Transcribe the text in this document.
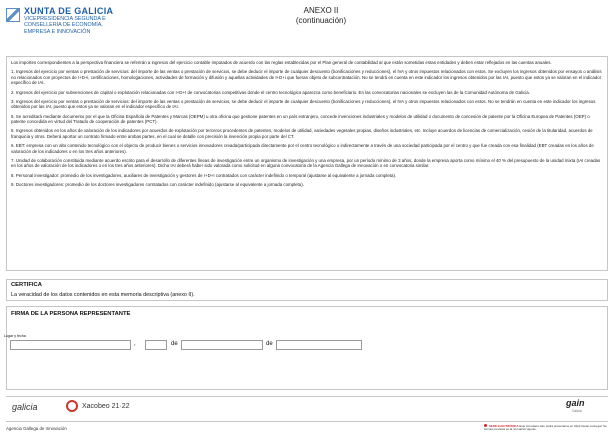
XUNTA DE GALICIA
VICEPRESIDENCIA SEGUNDA E
CONSELLERÍA DE ECONOMÍA,
EMPRESA E INNOVACIÓN
ANEXO II
(continuación)

Los importes correspondientes a la perspectiva financiera se referirán a ingresos del ejercicio contable imputados de acuerdo con las reglas establecidas por el Plan general de contabilidad al que están sometidas estas entidades y deben estar reflejados en las cuentas anuales.

1. Ingresos del ejercicio por ventas o prestación de servicios: del importe de las ventas o prestación de servicios, se debe deducir el importe de cualquier descuento (bonificaciones y reducciones), el IVA y otros impuestos relacionados con estos. Se excluyen los ingresos obtenidos por ensayos o análisis no relacionados con proyectos de I+D+i, certificaciones, homologaciones, actividades de formación y difusión y aquellas actividades de I+D+i que fueran objeto de subcontratación. No se tendrá en cuenta en este indicador los ingresos obtenidos por las IAI, puesto que estos ya se valoran en el indicador específico de IAI.

2. Ingresos del ejercicio por subvenciones de capital o explotación relacionadas con I+D+I de convocatorias competitivas donde el centro tecnológico aparezca como beneficiario. En las convocatorias nacionales se excluyen las de la Comunidad Autónoma de Galicia.

3. Ingresos del ejercicio por ventas o prestación de servicios: del importe de las ventas o prestación de servicios, se debe deducir el importe de cualquier descuento (bonificaciones y reducciones), el IVA y otros impuestos relacionados con estos. No se tendrán en cuenta en este indicador los ingresos obtenidos por las IAI, puesto que estos ya se valoran en el indicador específico de IAI.

5. Se acreditará mediante documento por el que la Oficina Española de Patentes y Marcas (OEPM) u otra oficina que gestione patentes en un país extranjero, concede invenciones industriales y modelos de utilidad o documento de concesión de patente por la Oficina Europea de Patentes (OEP) o patente concedida en virtud del Tratado de cooperación de patentes (PCT).

5. Ingresos obtenidos en los años de valoración de los indicadores por acuerdos de explotación por terceros procedentes de patentes, modelos de utilidad, variedades vegetales propias, diseños industriales, etc. Incluye acuerdos de licencias de comercialización, cesión de la titularidad, acuerdos de franquicia y otros. Deberá aportar un contrato firmado entre ambas partes, en el cual se detalle con precisión la invención propia por parte del CT.

6. EBT: empresa con un alto contenido tecnológico con el objecto de producir bienes o servicios innovadores creada/participada directamente por el centro tecnológico o indirectamente a través de una sociedad participada por el centro y que fue creada con esa finalidad (EBT creadas en los años de valoración de los indicadores o en los tres años anteriores).

7. Unidad de colaboración constituida mediante acuerdo escrito para el desarrollo de diferentes líneas de investigación entre un organismo de investigación y una empresa, por un período mínimo de 3 años, donde la empresa aporta como mínimo el 40 % del presupuesto de la unidad mixta (IAI creadas en los años de valoración de los indicadores o en los tres años anteriores). Dicha IAI deberá haber sido valorada como solicitud en alguna convocatoria de la Agencia Gallega de Innovación o en convocatoria similar.

8. Personal investigador: promedio de los investigadores, auxiliares de investigación y gestores de I+D+I contratados con carácter indefinido o temporal (ajustarse al equivalente a jornada completa).

9. Doctores investigadores: promedio de los doctores investigadores contratados con carácter indefinido (ajustarse al equivalente a jornada completa).

CERTIFICA
La veracidad de los datos contenidos en esta memoria descriptiva (anexo II).
FIRMA DE LA PERSONA REPRESENTANTE
Lugar y fecha
,	de	de
galicia	Xacobeo 21·22	gain
Galicia
Agencia Gallega de Innovación	SEDE ELECTRÓNICA Este formulario sólo podrá presentarse en https://sede.xunta.gal. Se formas previstas en la normativa vigente.
